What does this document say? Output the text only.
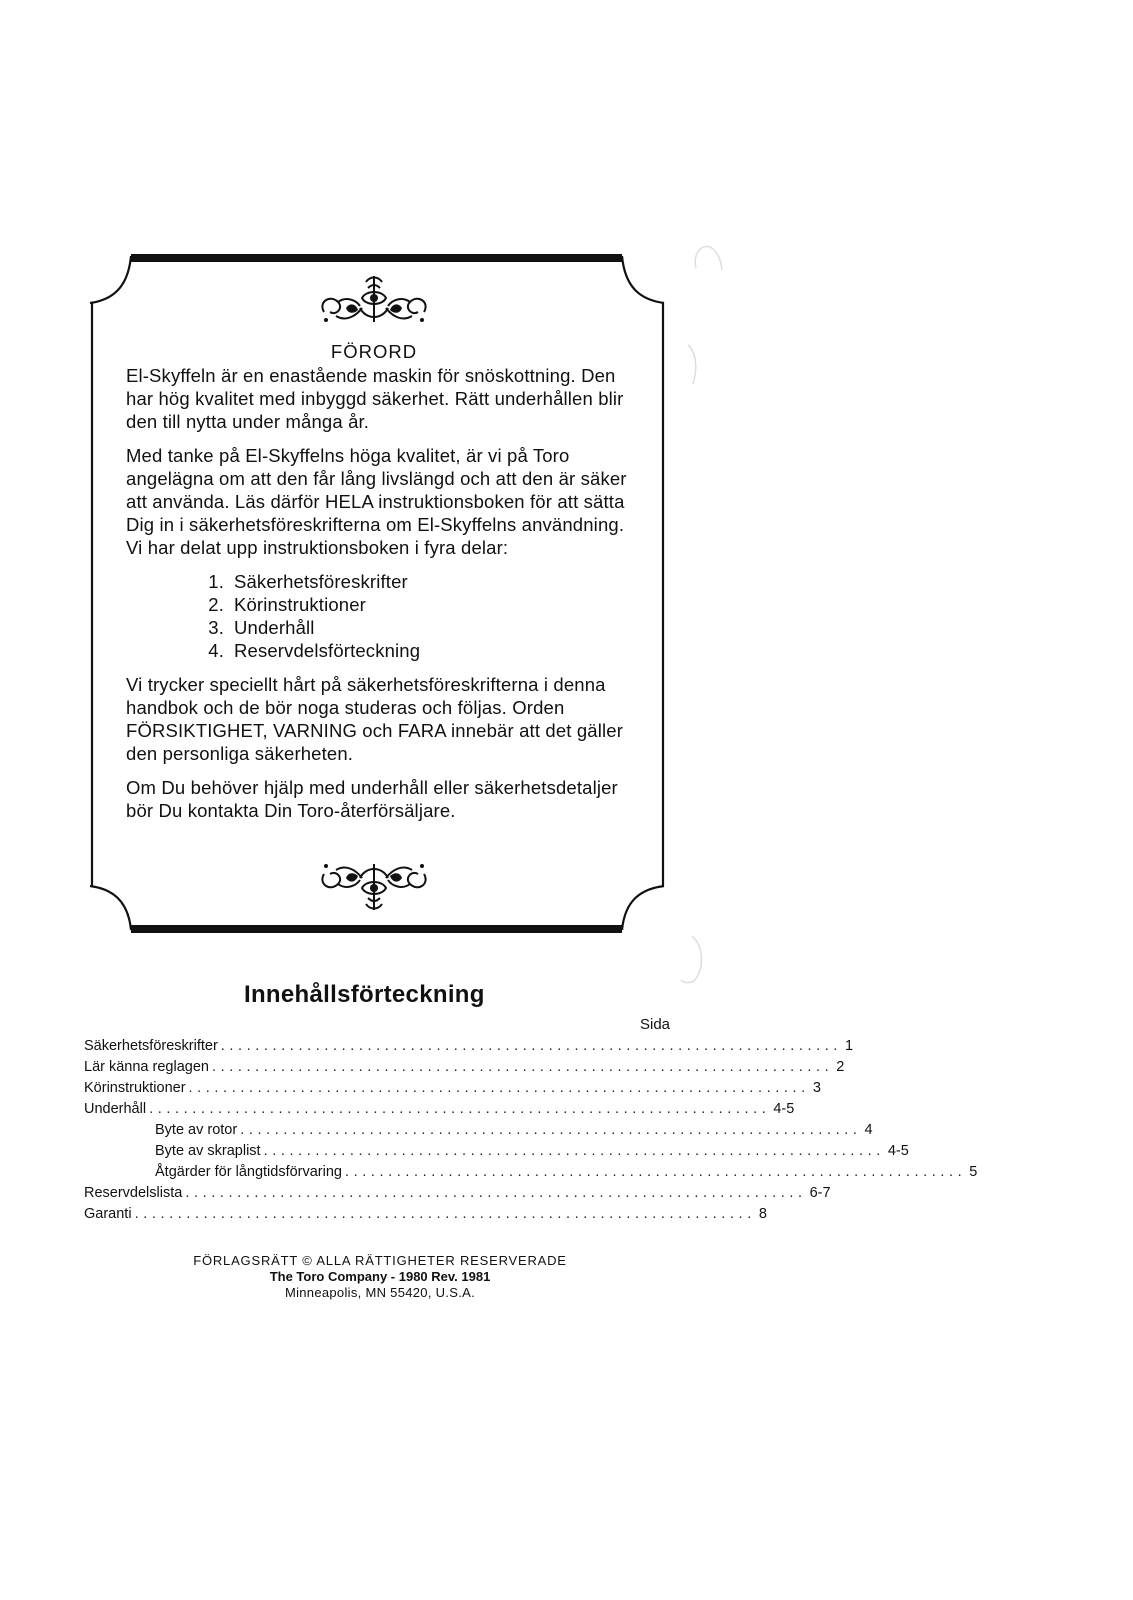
FÖRORD

El-Skyffeln är en enastående maskin för snöskottning. Den har hög kvalitet med inbyggd säkerhet. Rätt underhållen blir den till nytta under många år.

Med tanke på El-Skyffelns höga kvalitet, är vi på Toro angelägna om att den får lång livslängd och att den är säker att använda. Läs därför HELA instruktionsboken för att sätta Dig in i säkerhetsföreskrifterna om El-Skyffelns användning. Vi har delat upp instruktionsboken i fyra delar:

1. Säkerhetsföreskrifter
2. Körinstruktioner
3. Underhåll
4. Reservdelsförteckning

Vi trycker speciellt hårt på säkerhetsföreskrifterna i denna handbok och de bör noga studeras och följas. Orden FÖRSIKTIGHET, VARNING och FARA innebär att det gäller den personliga säkerheten.

Om Du behöver hjälp med underhåll eller säkerhetsdetaljer bör Du kontakta Din Toro-återförsäljare.

Innehållsförteckning
Sida
Säkerhetsföreskrifter ........................................................................ 1
Lär känna reglagen ........................................................................ 2
Körinstruktioner ........................................................................ 3
Underhåll ........................................................................ 4-5
Byte av rotor ........................................................................ 4
Byte av skraplist ........................................................................ 4-5
Åtgärder för långtidsförvaring ........................................................................ 5
Reservdelslista ........................................................................ 6-7
Garanti ........................................................................ 8
FÖRLAGSRÄTT © ALLA RÄTTIGHETER RESERVERADE
The Toro Company - 1980 Rev. 1981
Minneapolis, MN 55420, U.S.A.
